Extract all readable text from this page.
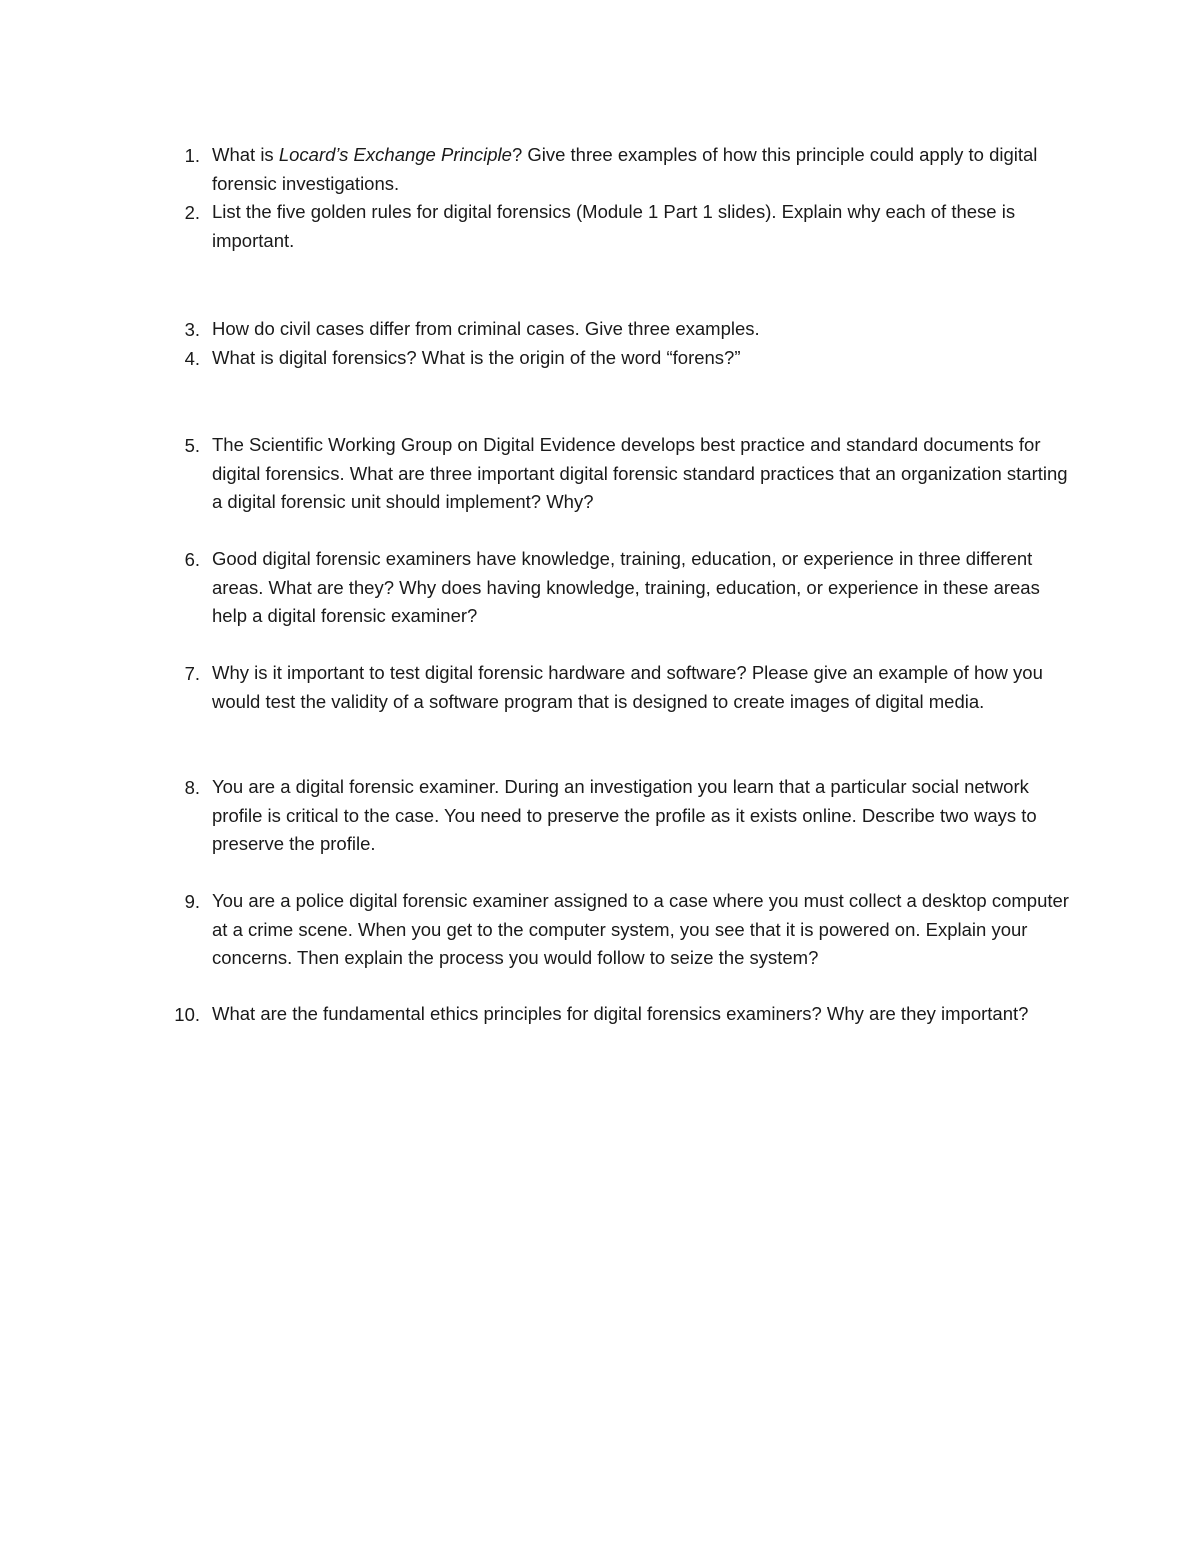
1. What is Locard’s Exchange Principle? Give three examples of how this principle could apply to digital forensic investigations.

2. List the five golden rules for digital forensics (Module 1 Part 1 slides). Explain why each of these is important.

3. How do civil cases differ from criminal cases. Give three examples.

4. What is digital forensics? What is the origin of the word “forens?”

5. The Scientific Working Group on Digital Evidence develops best practice and standard documents for digital forensics. What are three important digital forensic standard practices that an organization starting a digital forensic unit should implement? Why?

6. Good digital forensic examiners have knowledge, training, education, or experience in three different areas. What are they? Why does having knowledge, training, education, or experience in these areas help a digital forensic examiner?

7. Why is it important to test digital forensic hardware and software? Please give an example of how you would test the validity of a software program that is designed to create images of digital media.

8. You are a digital forensic examiner. During an investigation you learn that a particular social network profile is critical to the case. You need to preserve the profile as it exists online. Describe two ways to preserve the profile.

9. You are a police digital forensic examiner assigned to a case where you must collect a desktop computer at a crime scene. When you get to the computer system, you see that it is powered on. Explain your concerns. Then explain the process you would follow to seize the system?

10. What are the fundamental ethics principles for digital forensics examiners? Why are they important?
